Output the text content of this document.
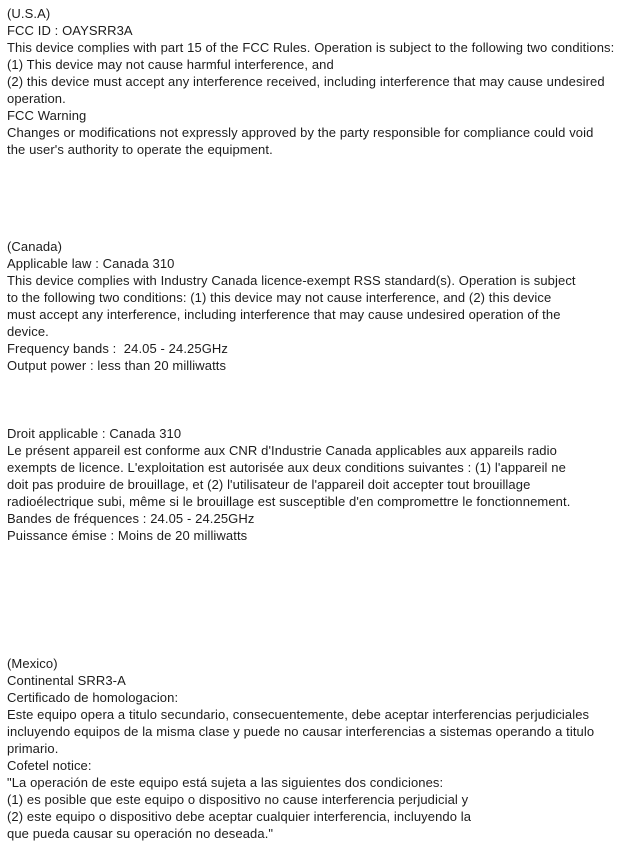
(U.S.A)
FCC ID : OAYSRR3A
This device complies with part 15 of the FCC Rules. Operation is subject to the following two conditions:
(1) This device may not cause harmful interference, and
(2) this device must accept any interference received, including interference that may cause undesired
operation.
FCC Warning
Changes or modifications not expressly approved by the party responsible for compliance could void
the user's authority to operate the equipment.
(Canada)
Applicable law : Canada 310
This device complies with Industry Canada licence-exempt RSS standard(s). Operation is subject
to the following two conditions: (1) this device may not cause interference, and (2) this device
must accept any interference, including interference that may cause undesired operation of the
device.
Frequency bands :  24.05 - 24.25GHz
Output power : less than 20 milliwatts
Droit applicable : Canada 310
Le présent appareil est conforme aux CNR d'Industrie Canada applicables aux appareils radio
exempts de licence. L'exploitation est autorisée aux deux conditions suivantes : (1) l'appareil ne
doit pas produire de brouillage, et (2) l'utilisateur de l'appareil doit accepter tout brouillage
radioélectrique subi, même si le brouillage est susceptible d'en compromettre le fonctionnement.
Bandes de fréquences : 24.05 - 24.25GHz
Puissance émise : Moins de 20 milliwatts
(Mexico)
Continental SRR3-A
Certificado de homologacion:
Este equipo opera a titulo secundario, consecuentemente, debe aceptar interferencias perjudiciales
incluyendo equipos de la misma clase y puede no causar interferencias a sistemas operando a titulo
primario.
Cofetel notice:
"La operación de este equipo está sujeta a las siguientes dos condiciones:
(1) es posible que este equipo o dispositivo no cause interferencia perjudicial y
(2) este equipo o dispositivo debe aceptar cualquier interferencia, incluyendo la
que pueda causar su operación no deseada."
